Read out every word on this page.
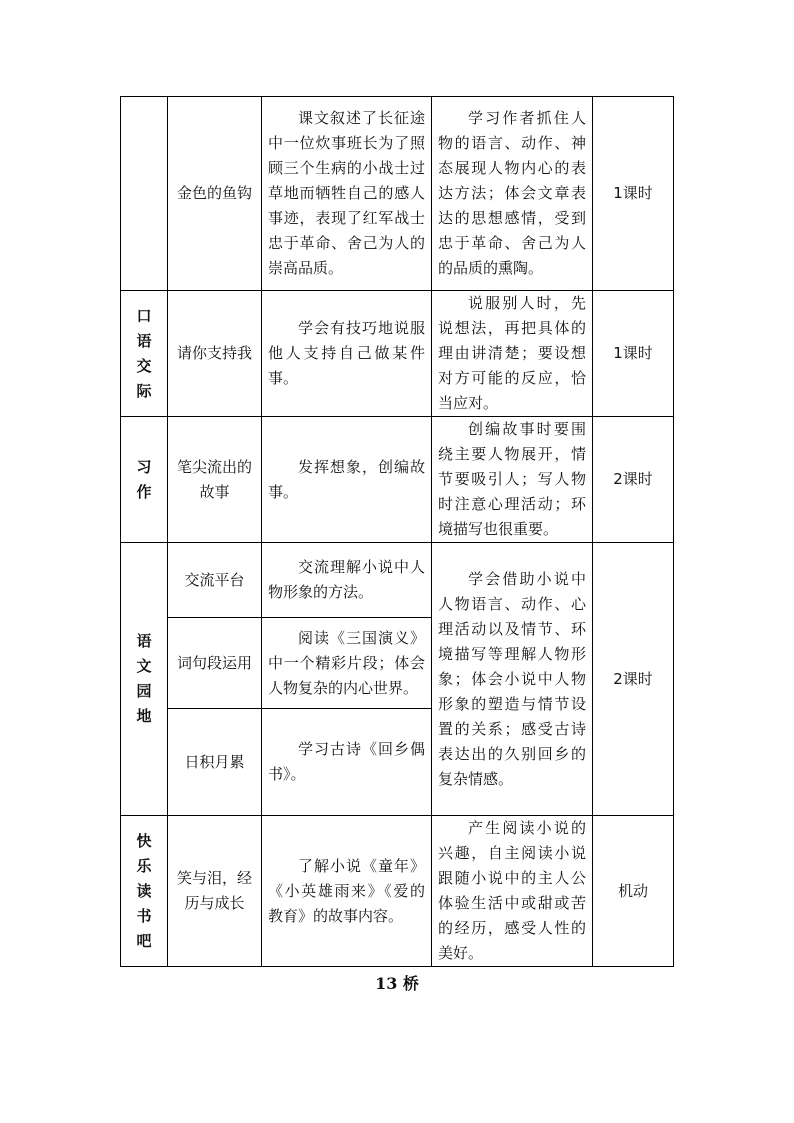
	金色的鱼钩	课文叙述了长征途中一位炊事班长为了照顾三个生病的小战士过草地而牺牲自己的感人事迹，表现了红军战士忠于革命、舍己为人的崇高品质。	学习作者抓住人物的语言、动作、神态展现人物内心的表达方法；体会文章表达的思想感情，受到忠于革命、舍己为人的品质的熏陶。	1课时
口语交际	请你支持我	学会有技巧地说服他人支持自己做某件事。	说服别人时，先说想法，再把具体的理由讲清楚；要设想对方可能的反应，恰当应对。	1课时
习作	笔尖流出的故事	发挥想象，创编故事。	创编故事时要围绕主要人物展开，情节要吸引人；写人物时注意心理活动；环境描写也很重要。	2课时
语文园地	交流平台	交流理解小说中人物形象的方法。	学会借助小说中人物语言、动作、心理活动以及情节、环境描写等理解人物形象；体会小说中人物形象的塑造与情节设置的关系；感受古诗表达出的久别回乡的复杂情感。	2课时
	词句段运用	阅读《三国演义》中一个精彩片段；体会人物复杂的内心世界。		

	日积月累	学习古诗《回乡偶书》。		

快乐读书吧	笑与泪，经历与成长	了解小说《童年》《小英雄雨来》《爱的教育》的故事内容。	产生阅读小说的兴趣，自主阅读小说跟随小说中的主人公体验生活中或甜或苦的经历，感受人性的美好。	机动
13 桥
